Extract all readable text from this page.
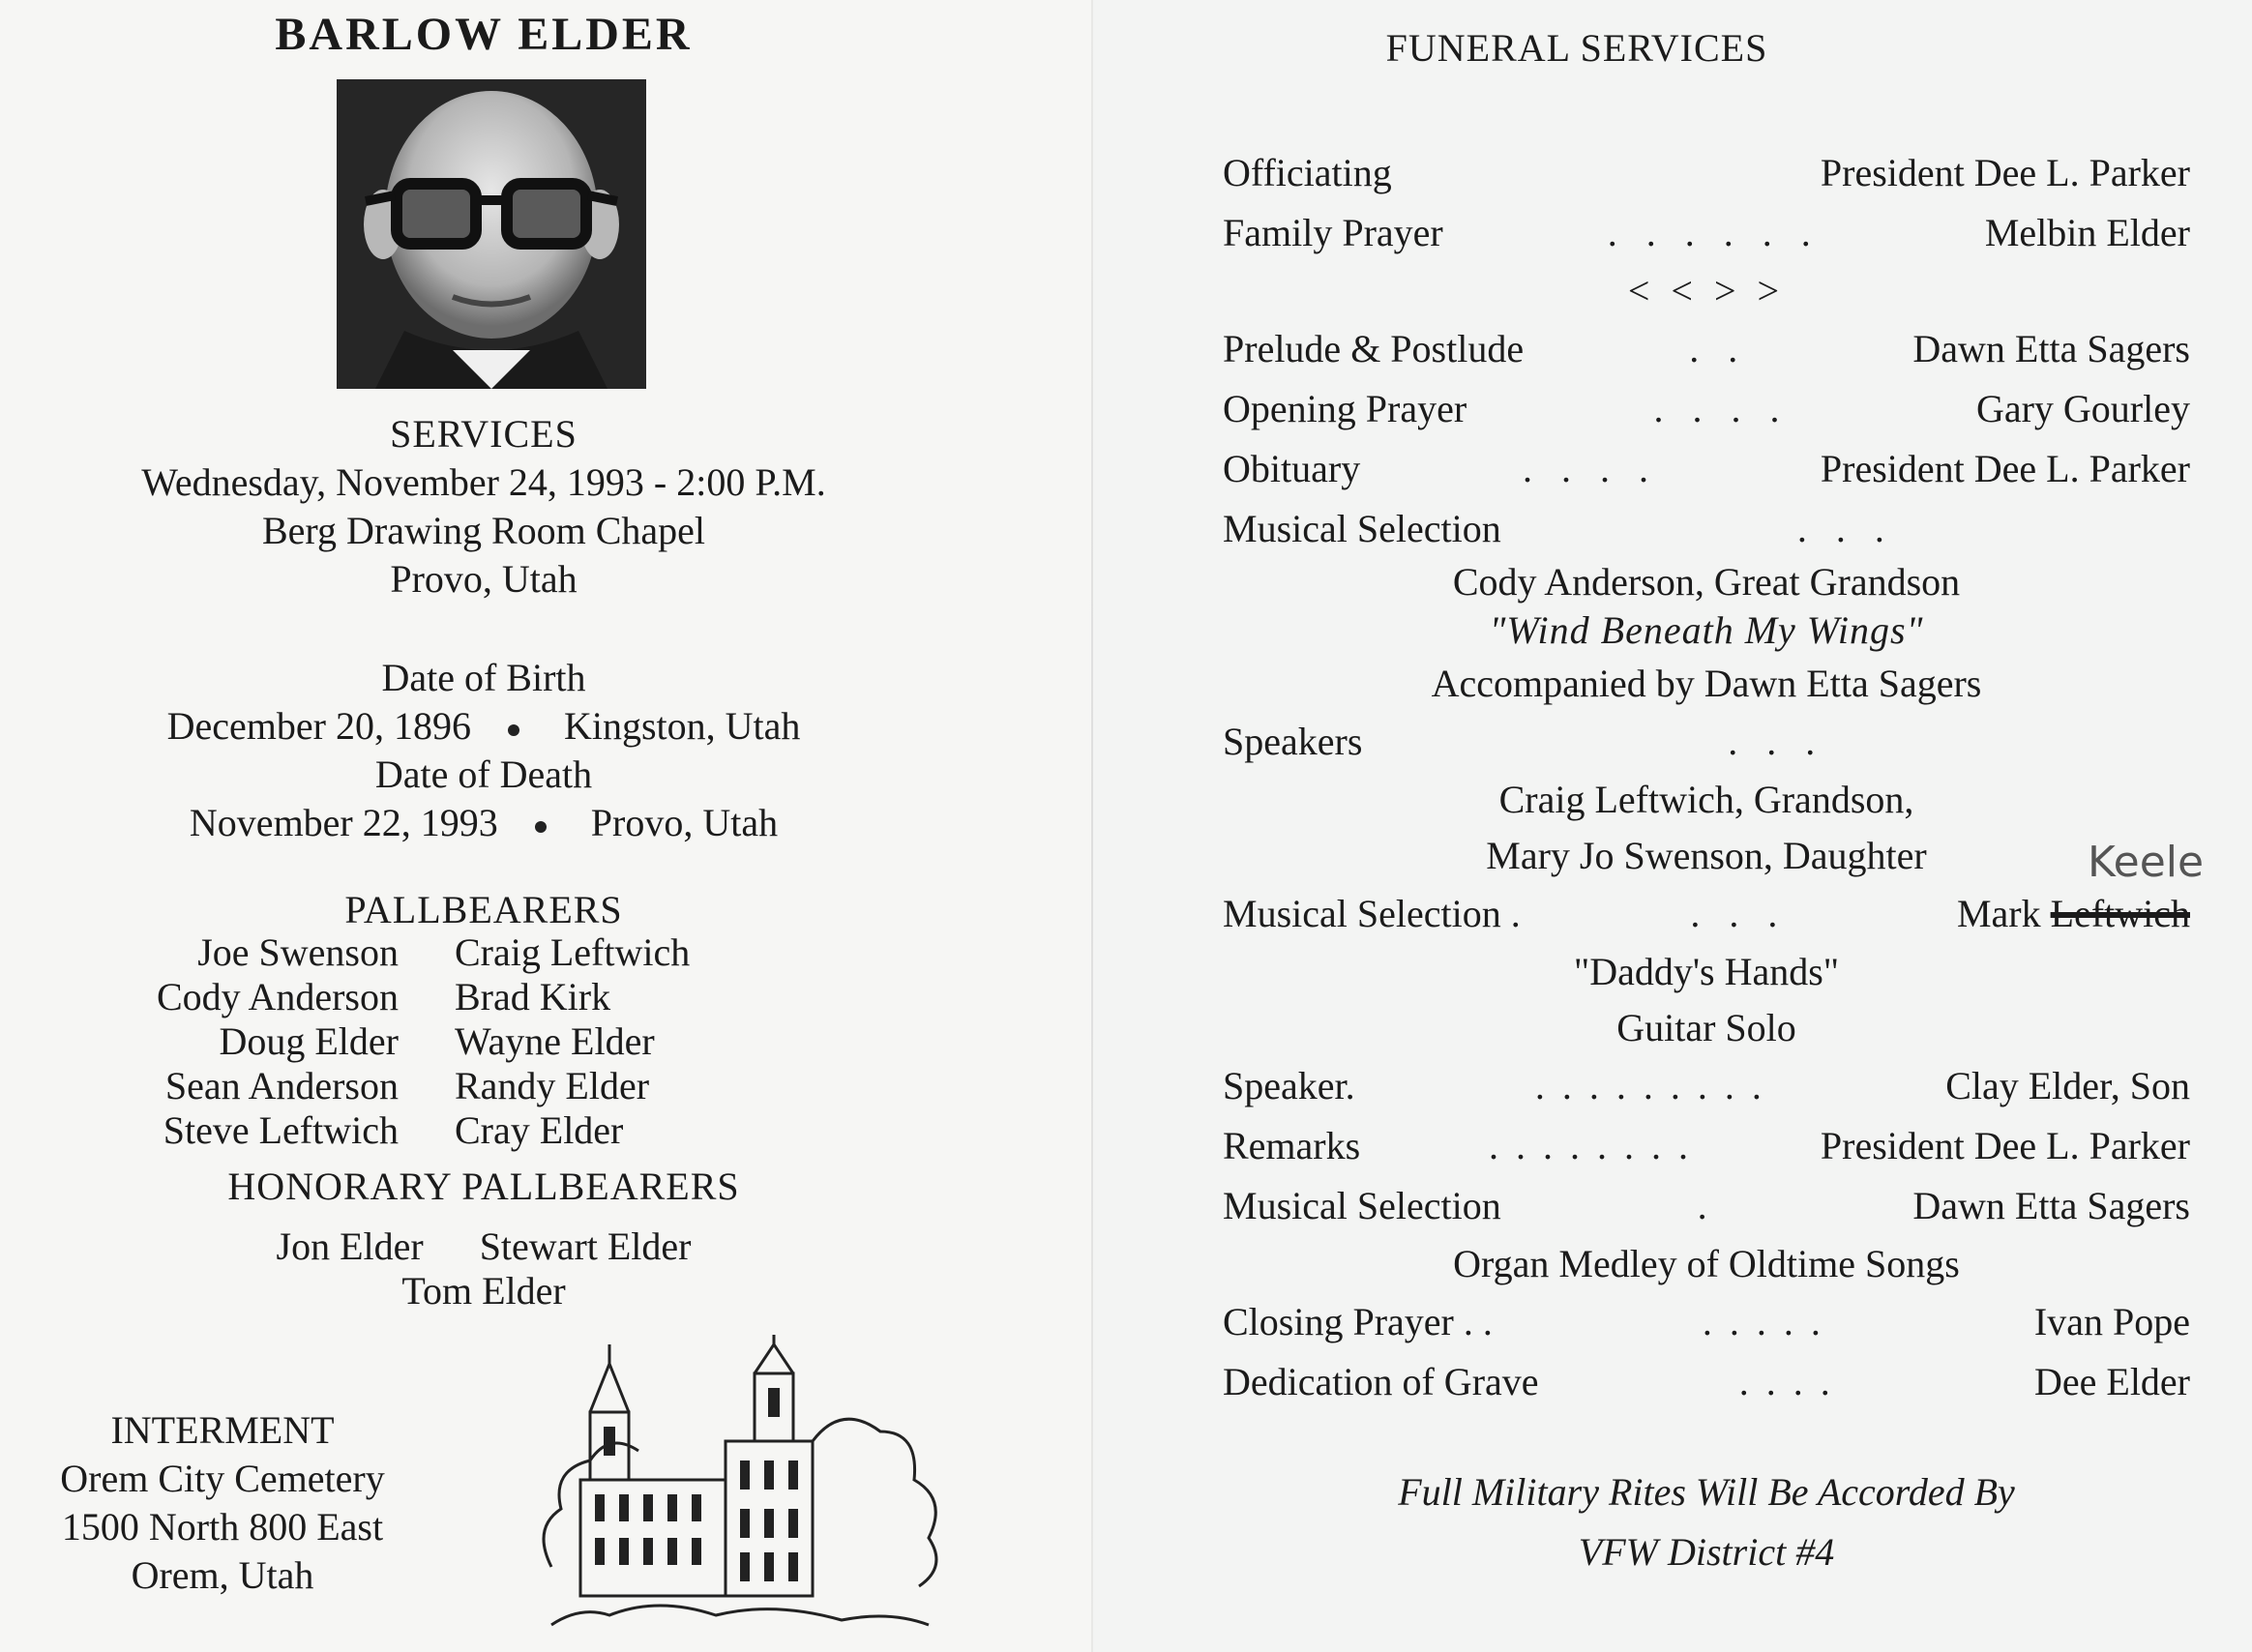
BARLOW ELDER
SERVICES
Wednesday, November 24, 1993 - 2:00 P.M.
Berg Drawing Room Chapel
Provo, Utah
Date of Birth
December 20, 1896 Kingston, Utah
Date of Death
November 22, 1993 Provo, Utah
PALLBEARERS
Joe Swenson	Craig Leftwich
Cody Anderson	Brad Kirk
Doug Elder	Wayne Elder
Sean Anderson	Randy Elder
Steve Leftwich	Cray Elder
HONORARY PALLBEARERS
Jon Elder Stewart Elder
Tom Elder
INTERMENT
Orem City Cemetery
1500 North 800 East
Orem, Utah
FUNERAL SERVICES
Officiating	President Dee L. Parker
Family Prayer	. . . . . .	Melbin Elder
< < > >
Prelude & Postlude	. .	Dawn Etta Sagers
Opening Prayer	. . . .	Gary Gourley
Obituary	. . . .	President Dee L. Parker
Musical Selection	. . .
Cody Anderson, Great Grandson
"Wind Beneath My Wings"
Accompanied by Dawn Etta Sagers
Speakers	. . .
Craig Leftwich, Grandson,
Mary Jo Swenson, Daughter
Musical Selection .	. . .	Mark Leftwich
"Daddy's Hands"
Guitar Solo
Speaker.	. . . . . . . . .	Clay Elder, Son
Remarks	. . . . . . . .	President Dee L. Parker
Musical Selection	.	Dawn Etta Sagers
Organ Medley of Oldtime Songs
Closing Prayer . .	. . . . .	Ivan Pope
Dedication of Grave	. . . .	Dee Elder
Keele
Full Military Rites Will Be Accorded By
VFW District #4
